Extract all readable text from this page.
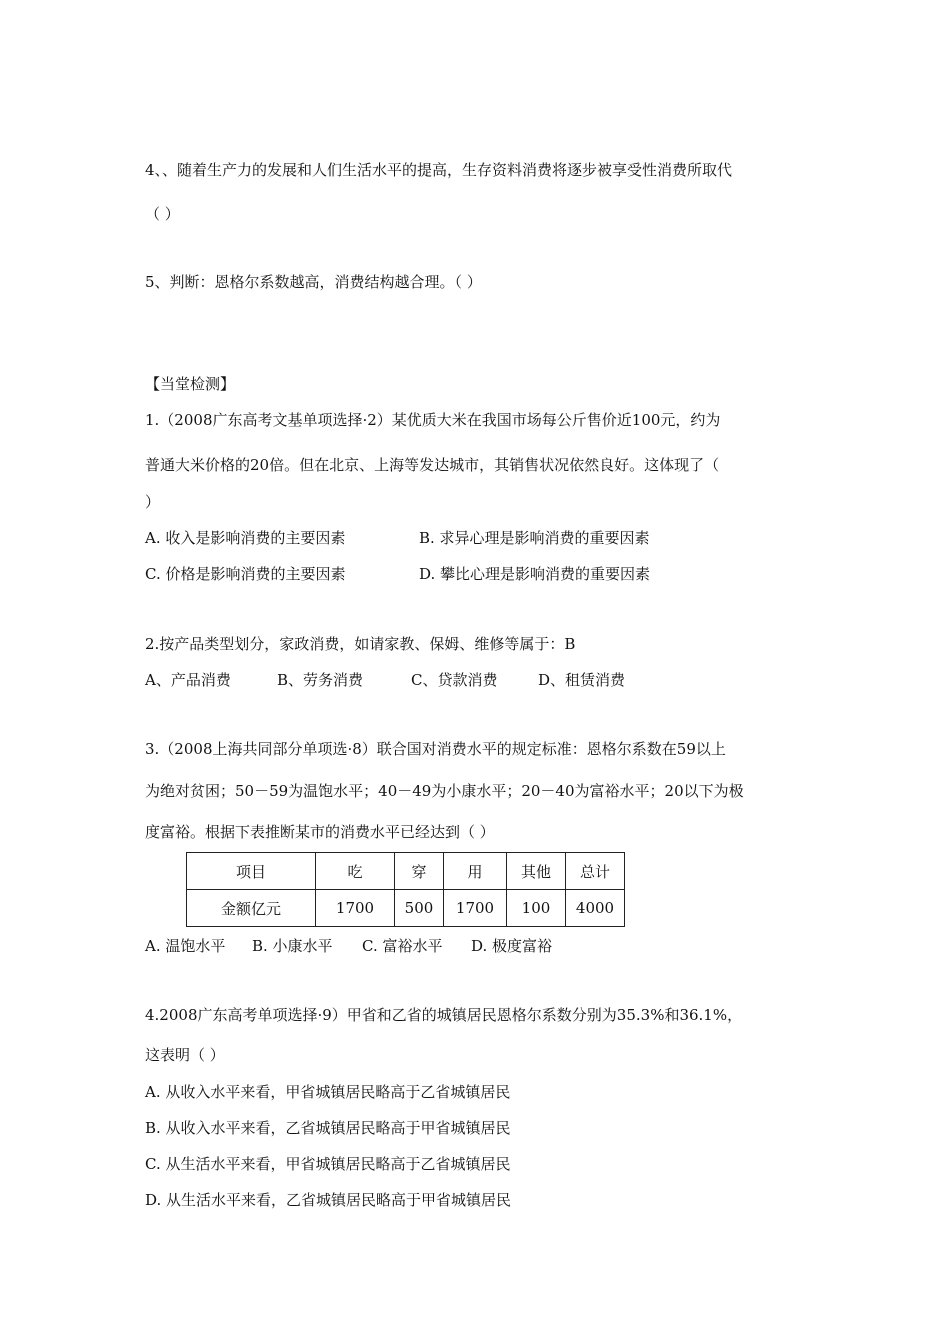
4、、随着生产力的发展和人们生活水平的提高，生存资料消费将逐步被享受性消费所取代
（ ）
5、判断：恩格尔系数越高，消费结构越合理。（ ）
【当堂检测】
1.（2008广东高考文基单项选择·2）某优质大米在我国市场每公斤售价近100元，约为
普通大米价格的20倍。但在北京、上海等发达城市，其销售状况依然良好。这体现了（
）
A. 收入是影响消费的主要因素	B. 求异心理是影响消费的重要因素
C. 价格是影响消费的主要因素	D. 攀比心理是影响消费的重要因素
2.按产品类型划分，家政消费，如请家教、保姆、维修等属于：B
A、产品消费	B、劳务消费	C、贷款消费	D、租赁消费
3.（2008上海共同部分单项选·8）联合国对消费水平的规定标准：恩格尔系数在59以上
为绝对贫困；50－59为温饱水平；40－49为小康水平；20－40为富裕水平；20以下为极
度富裕。根据下表推断某市的消费水平已经达到（ ）
项目	吃	穿	用	其他	总计
金额亿元	1700	500	1700	100	4000
A. 温饱水平 B. 小康水平 C. 富裕水平 D. 极度富裕
4.2008广东高考单项选择·9）甲省和乙省的城镇居民恩格尔系数分别为35.3%和36.1%，
这表明（ ）
A. 从收入水平来看，甲省城镇居民略高于乙省城镇居民
B. 从收入水平来看，乙省城镇居民略高于甲省城镇居民
C. 从生活水平来看，甲省城镇居民略高于乙省城镇居民
D. 从生活水平来看，乙省城镇居民略高于甲省城镇居民
